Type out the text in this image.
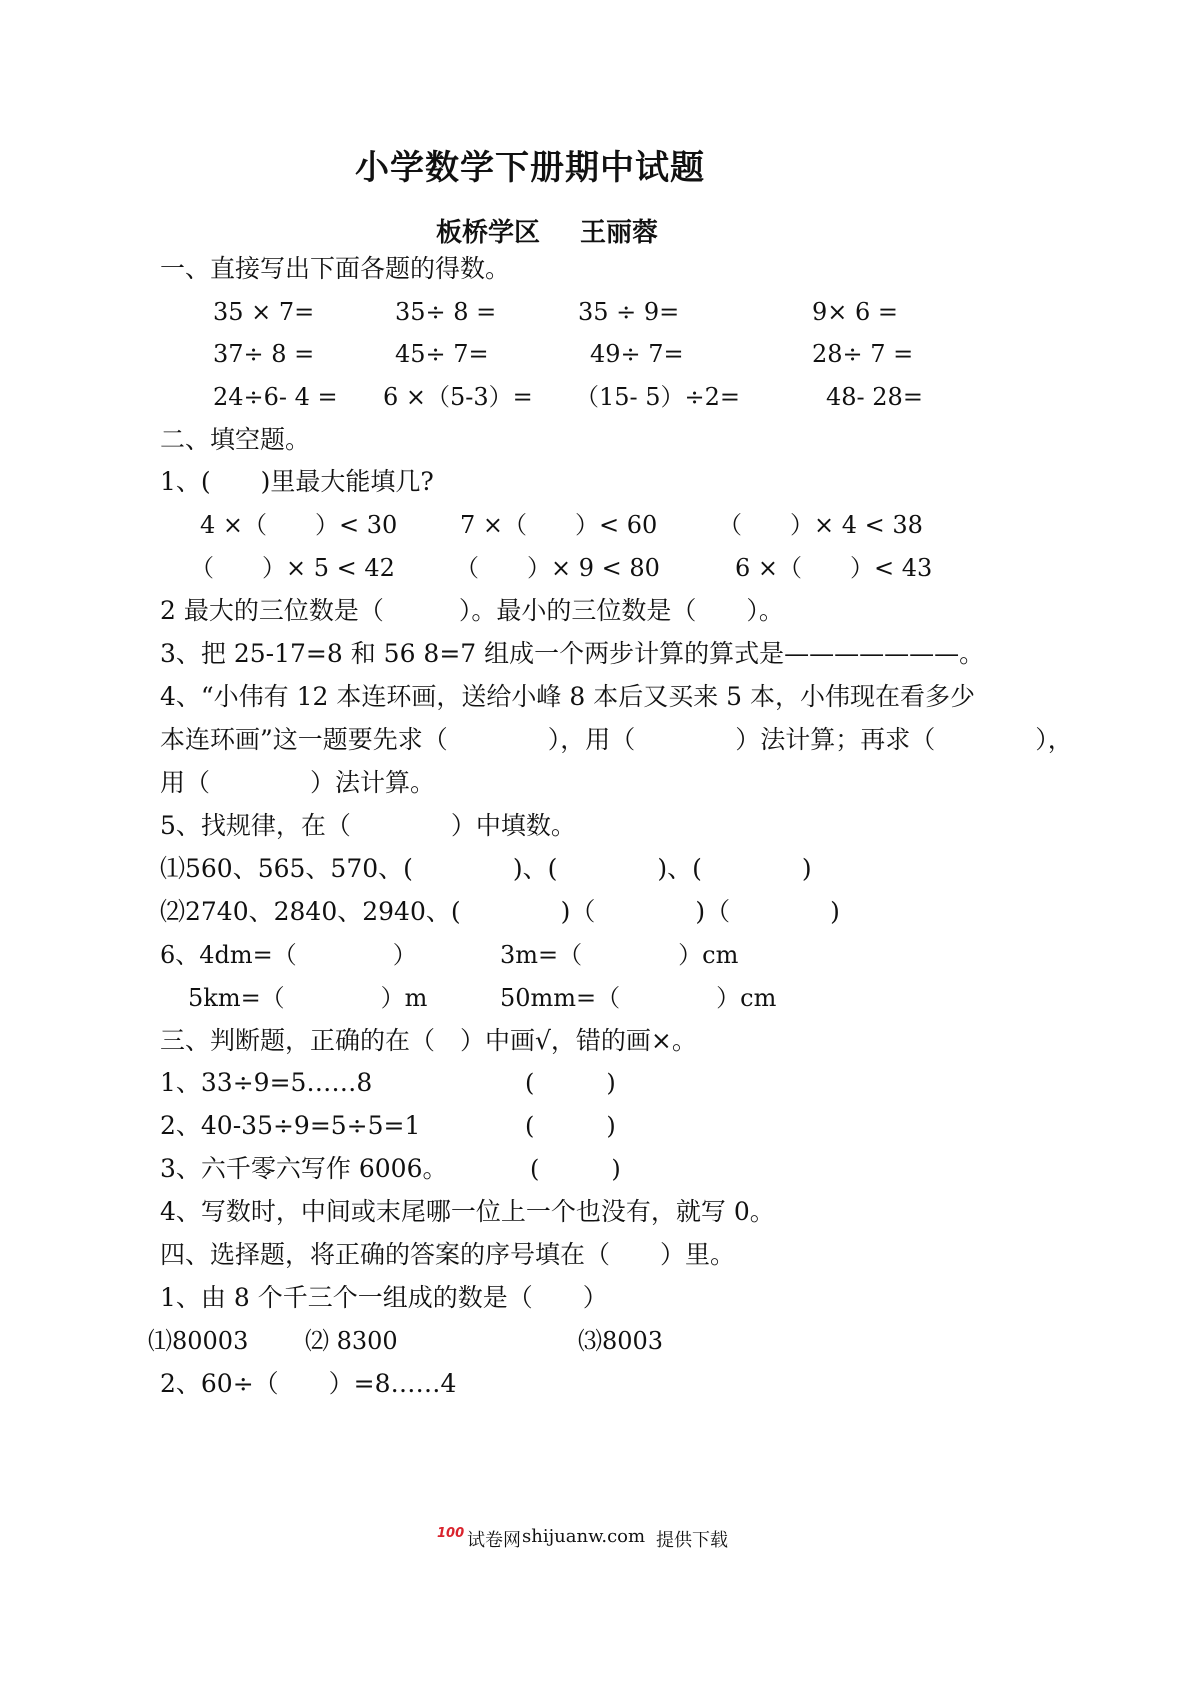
小学数学下册期中试题
板桥学区 王丽蓉
一、直接写出下面各题的得数。
35 × 7=	35÷ 8 =	35 ÷ 9=	9× 6 =
37÷ 8 =	45÷ 7=	49÷ 7=	28÷ 7 =
24÷6- 4 = 6 ×（5-3）= （15- 5）÷2=	48- 28=
二、填空题。
1、(　　)里最大能填几?
4 ×（　　）< 30	7 ×（　　）< 60	（　　）× 4 < 38
（　　）× 5 < 42	（　　）× 9 < 80	6 ×（　　）< 43
2 最大的三位数是（　　　）。最小的三位数是（　　）。
3、把 25-17=8 和 56 8=7 组成一个两步计算的算式是———————。
4、“小伟有 12 本连环画，送给小峰 8 本后又买来 5 本，小伟现在看多少
本连环画”这一题要先求（　　　　），用（　　　　）法计算；再求（　　　　），
用（　　　　）法计算。
5、找规律，在（　　　　）中填数。
⑴560、565、570、(　　　　)、(　　　　)、(　　　　)
⑵2740、2840、2940、(　　　　)（　　　　)（　　　　)
6、4dm=（　　　　）	3m=（　　　　）cm
5km=（　　　　）m	50mm=（　　　　）cm
三、判断题，正确的在（　）中画√，错的画×。
1、33÷9=5……8	(　　　)
2、40-35÷9=5÷5=1	(　　　)
3、六千零六写作 6006。	(　　　)
4、写数时，中间或末尾哪一位上一个也没有，就写 0。
四、选择题，将正确的答案的序号填在（　　）里。
1、由 8 个千三个一组成的数是（　　）
⑴80003 ⑵ 8300	⑶8003
2、60÷（　　）=8……4
100 试卷网 shijuanw.com 提供下载
